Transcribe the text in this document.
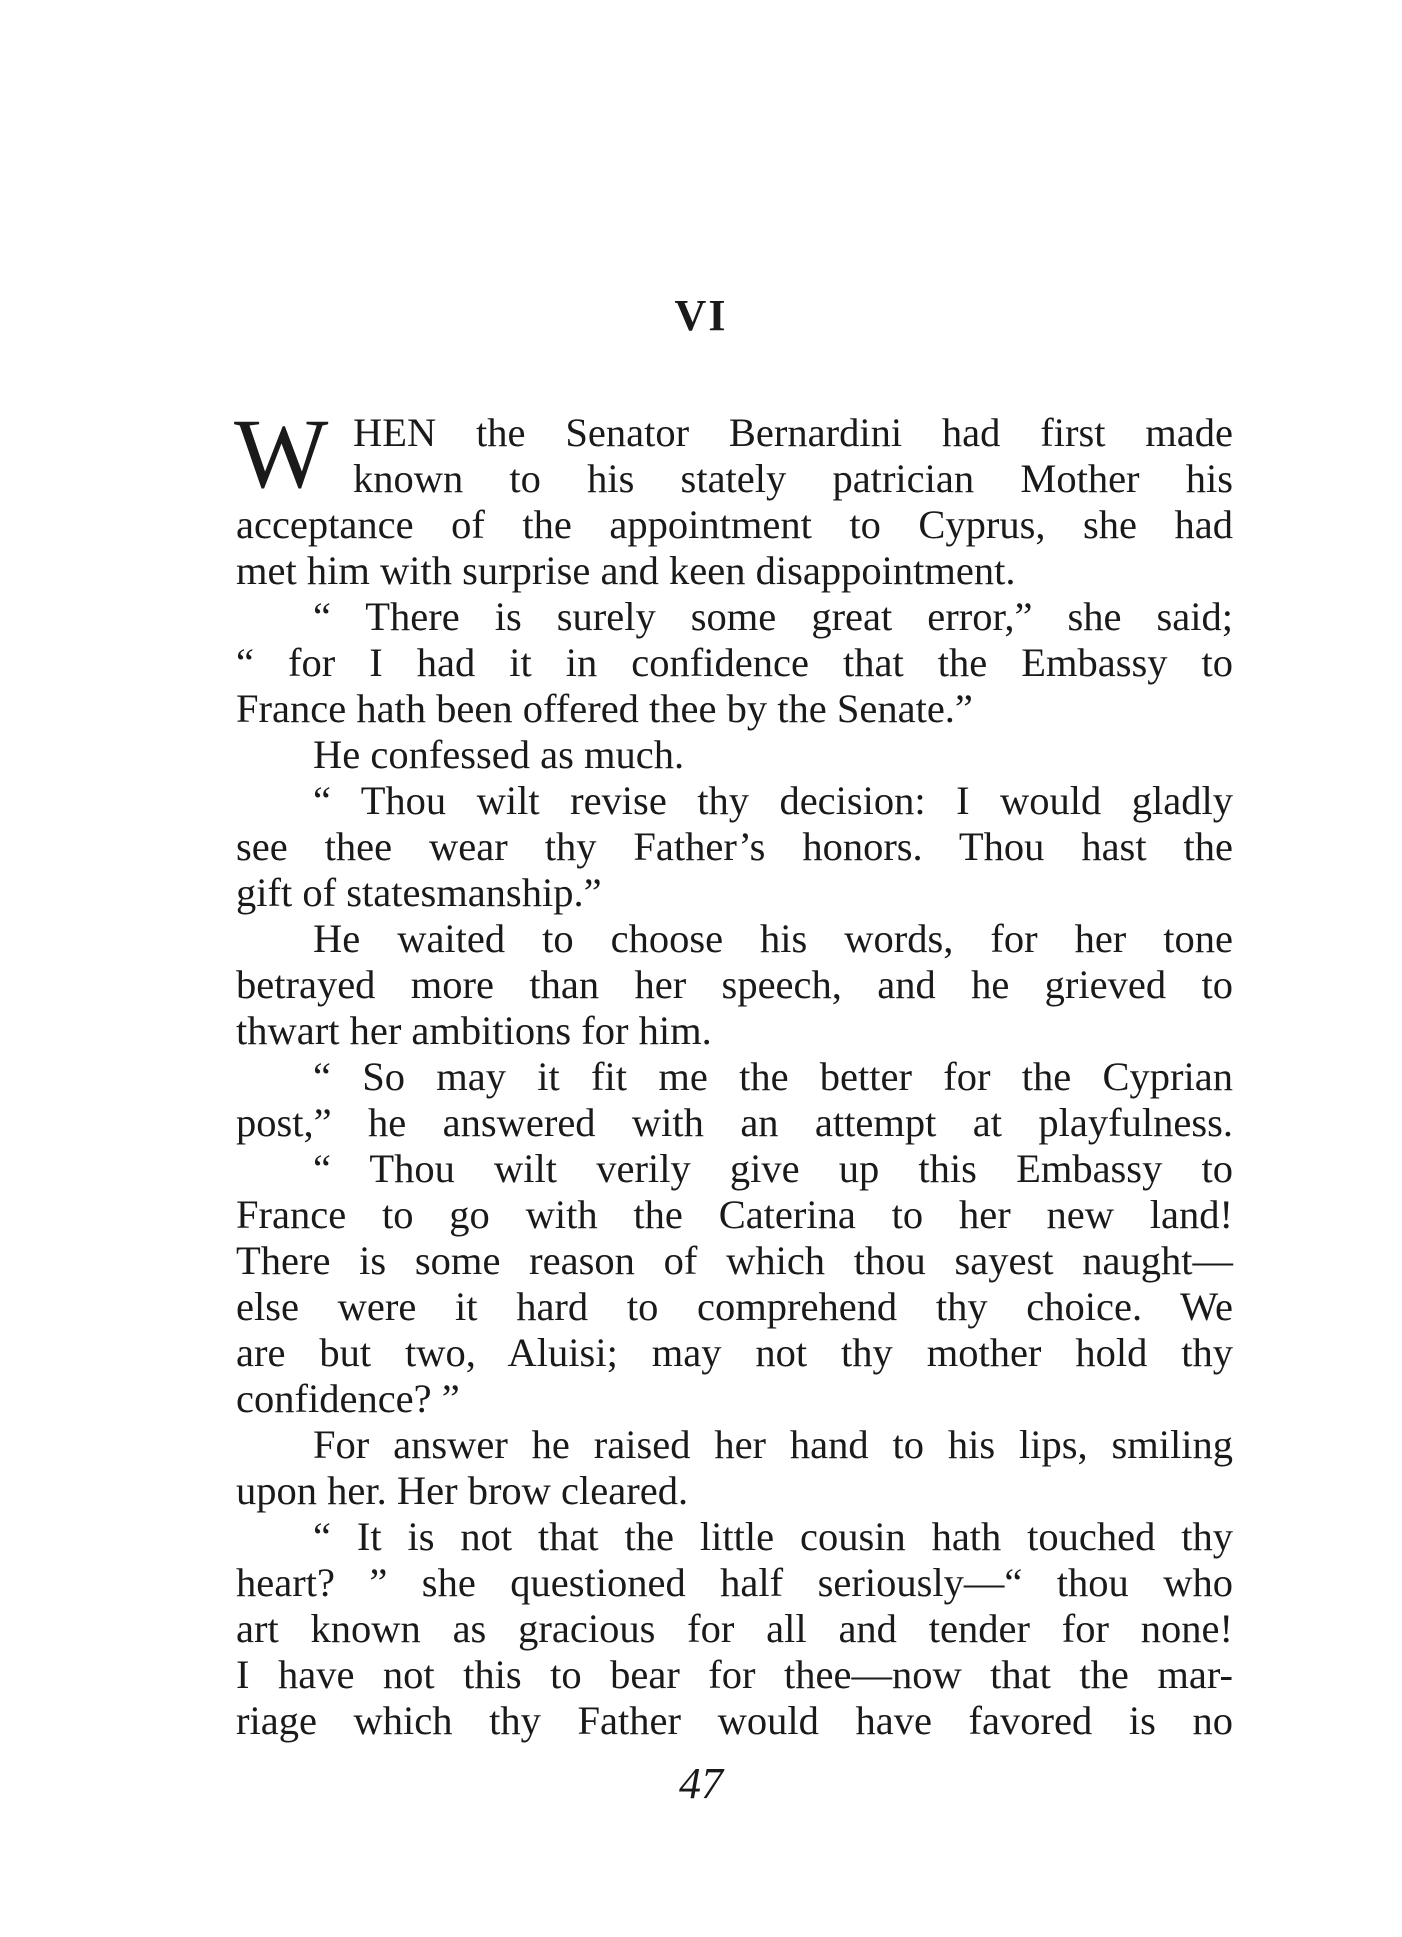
VI
W HEN the Senator Bernardini had first made
known to his stately patrician Mother his
acceptance of the appointment to Cyprus, she had
met him with surprise and keen disappointment.
“ There is surely some great error,” she said;
“ for I had it in confidence that the Embassy to
France hath been offered thee by the Senate.”
He confessed as much.
“ Thou wilt revise thy decision: I would gladly
see thee wear thy Father’s honors. Thou hast the
gift of statesmanship.”
He waited to choose his words, for her tone
betrayed more than her speech, and he grieved to
thwart her ambitions for him.
“ So may it fit me the better for the Cyprian
post,” he answered with an attempt at playfulness.
“ Thou wilt verily give up this Embassy to
France to go with the Caterina to her new land!
There is some reason of which thou sayest naught—
else were it hard to comprehend thy choice. We
are but two, Aluisi; may not thy mother hold thy
confidence? ”
For answer he raised her hand to his lips, smiling
upon her. Her brow cleared.
“ It is not that the little cousin hath touched thy
heart? ” she questioned half seriously—“ thou who
art known as gracious for all and tender for none!
I have not this to bear for thee—now that the mar-
riage which thy Father would have favored is no
47
